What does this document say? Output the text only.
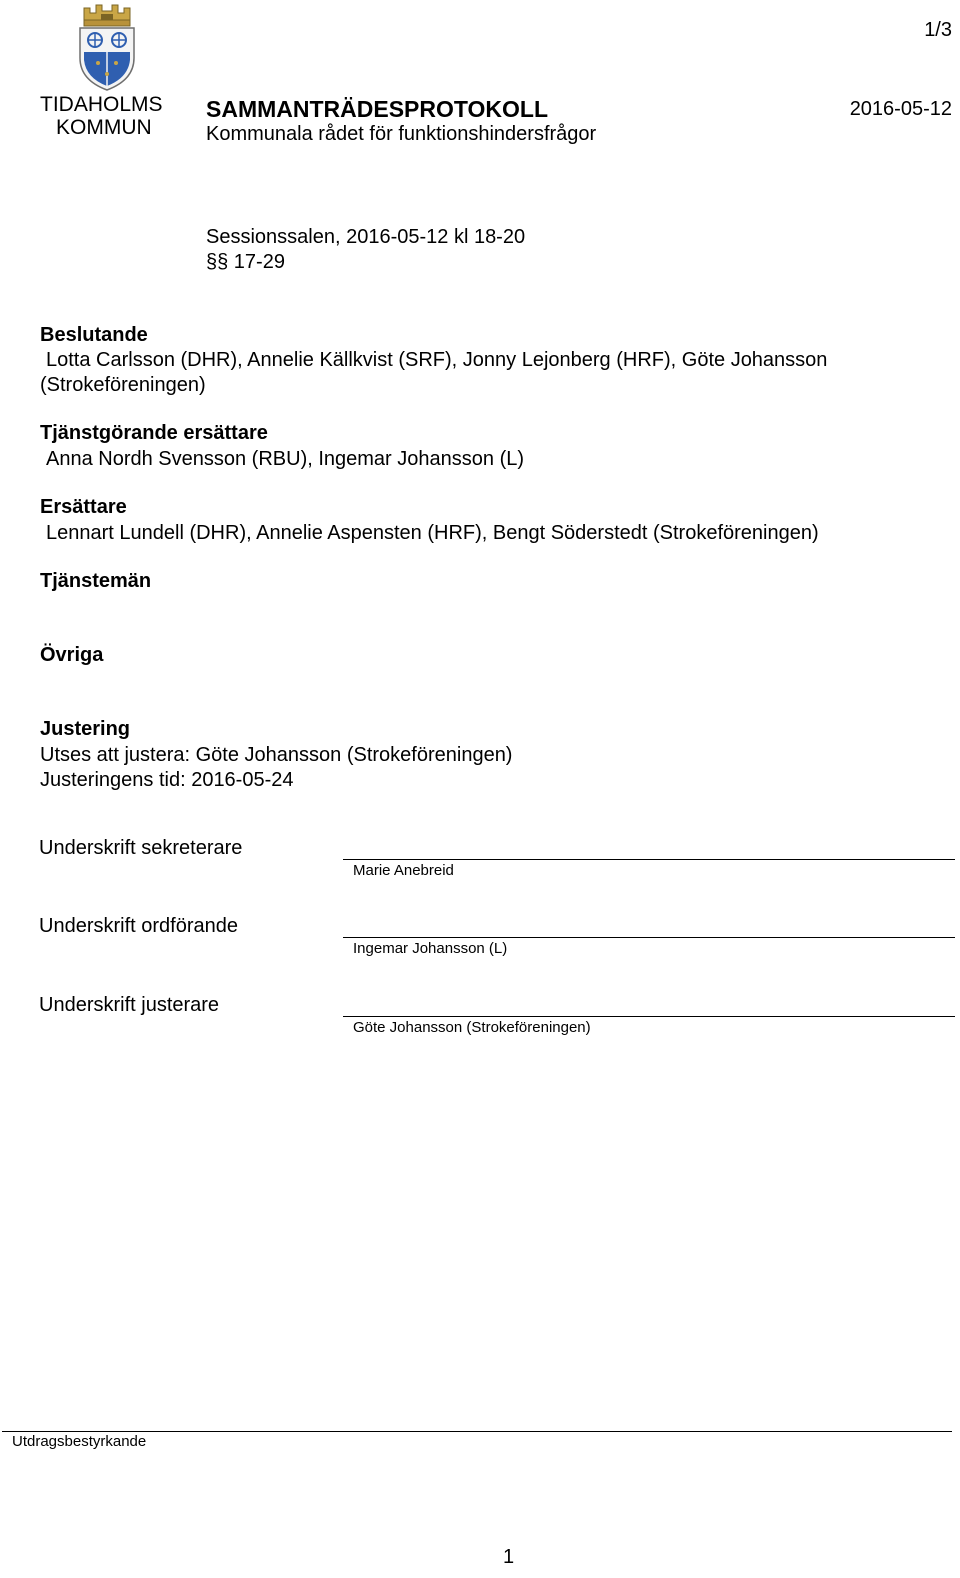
TIDAHOLMS
KOMMUN
1/3
SAMMANTRÄDESPROTOKOLL	2016-05-12
Kommunala rådet för funktionshindersfrågor
Sessionssalen, 2016-05-12 kl 18-20
§§ 17-29
Beslutande
Lotta Carlsson (DHR), Annelie Källkvist (SRF), Jonny Lejonberg (HRF), Göte Johansson
(Strokeföreningen)
Tjänstgörande ersättare
Anna Nordh Svensson (RBU), Ingemar Johansson (L)
Ersättare
Lennart Lundell (DHR), Annelie Aspensten (HRF), Bengt Söderstedt (Strokeföreningen)
Tjänstemän
Övriga
Justering
Utses att justera: Göte Johansson (Strokeföreningen)
Justeringens tid: 2016-05-24
Underskrift sekreterare
Marie Anebreid
Underskrift ordförande
Ingemar Johansson (L)
Underskrift justerare
Göte Johansson (Strokeföreningen)
Utdragsbestyrkande
1
